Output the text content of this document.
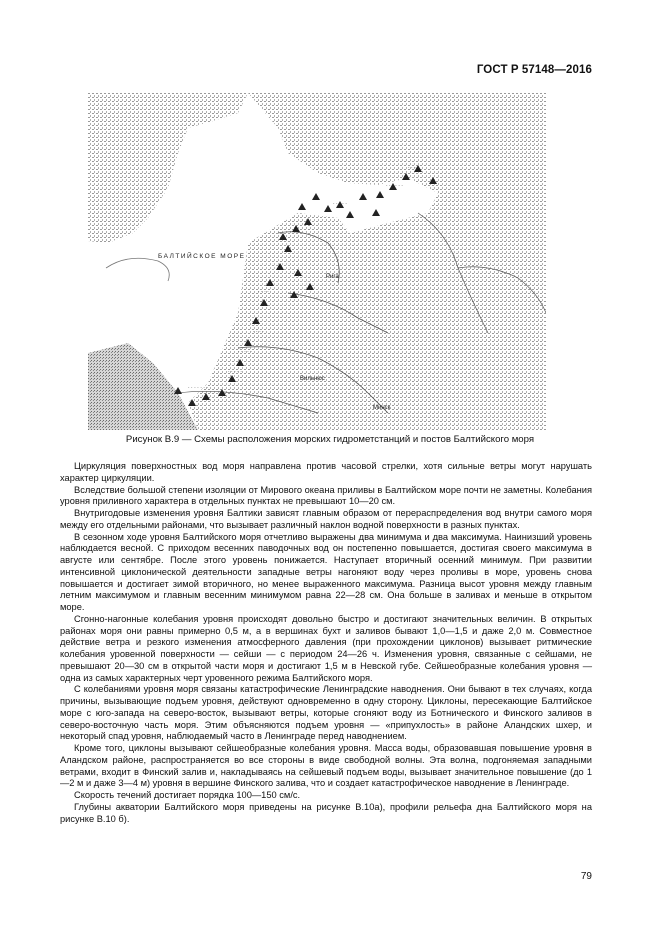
ГОСТ Р 57148—2016
· · · · ·
· · · · · ·
· · · ·
· · · · ·
· · · · ·
· · · ·
· · · · · · ·
· · · ·
БАЛТИЙСКОЕ МОРЕ
Рига
Вильнюс
Минск
Рисунок В.9 — Схемы расположения морских гидрометстанций и постов Балтийского моря

Циркуляция поверхностных вод моря направлена против часовой стрелки, хотя сильные ветры могут нарушать характер циркуляции.

Вследствие большой степени изоляции от Мирового океана приливы в Балтийском море почти не заметны. Колебания уровня приливного характера в отдельных пунктах не превышают 10—20 см.

Внутригодовые изменения уровня Балтики зависят главным образом от перераспределения вод внутри самого моря между его отдельными районами, что вызывает различный наклон водной поверхности в разных пунктах.

В сезонном ходе уровня Балтийского моря отчетливо выражены два минимума и два максимума. Наинизший уровень наблюдается весной. С приходом весенних паводочных вод он постепенно повышается, достигая своего максимума в августе или сентябре. После этого уровень понижается. Наступает вторичный осенний минимум. При развитии интенсивной циклонической деятельности западные ветры нагоняют воду через проливы в море, уровень снова повышается и достигает зимой вторичного, но менее выраженного максимума. Разница высот уровня между главным летним максимумом и главным весенним минимумом равна 22—28 см. Она больше в заливах и меньше в открытом море.

Сгонно-нагонные колебания уровня происходят довольно быстро и достигают значительных величин. В открытых районах моря они равны примерно 0,5 м, а в вершинах бухт и заливов бывают 1,0—1,5 и даже 2,0 м. Совместное действие ветра и резкого изменения атмосферного давления (при прохождении циклонов) вызывает ритмические колебания уровенной поверхности — сейши — с периодом 24—26 ч. Изменения уровня, связанные с сейшами, не превышают 20—30 см в открытой части моря и достигают 1,5 м в Невской губе. Сейшеобразные колебания уровня — одна из самых характерных черт уровенного режима Балтийского моря.

С колебаниями уровня моря связаны катастрофические Ленинградские наводнения. Они бывают в тех случаях, когда причины, вызывающие подъем уровня, действуют одновременно в одну сторону. Циклоны, пересекающие Балтийское море с юго-запада на северо-восток, вызывают ветры, которые сгоняют воду из Ботнического и Финского заливов в северо-восточную часть моря. Этим объясняются подъем уровня — «припухлость» в районе Аландских шхер, и некоторый спад уровня, наблюдаемый часто в Ленинграде перед наводнением.

Кроме того, циклоны вызывают сейшеобразные колебания уровня. Масса воды, образовавшая повышение уровня в Аландском районе, распространяется во все стороны в виде свободной волны. Эта волна, подгоняемая западными ветрами, входит в Финский залив и, накладываясь на сейшевый подъем воды, вызывает значительное повышение (до 1—2 м и даже 3—4 м) уровня в вершине Финского залива, что и создает катастрофическое наводнение в Ленинграде.

Скорость течений достигает порядка 100—150 см/с.

Глубины акватории Балтийского моря приведены на рисунке В.10а), профили рельефа дна Балтийского моря на рисунке В.10 б).

79
